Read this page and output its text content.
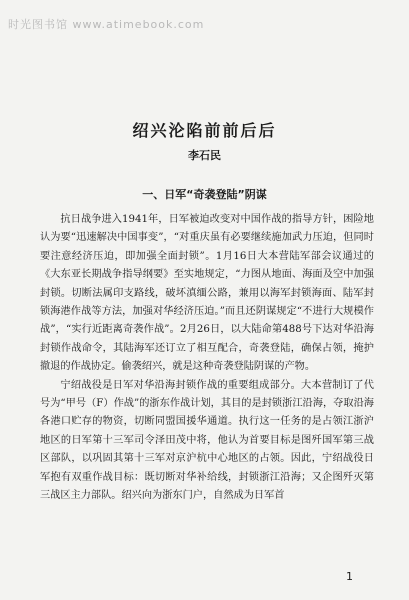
时光图书馆 www.atimebook.com
绍兴沦陷前前后后
李石民
一、日军“奇袭登陆”阴谋

抗日战争进入1941年，日军被迫改变对中国作战的指导方针，困险地认为要“迅速解决中国事变”，“对重庆虽有必要继续施加武力压迫，但同时要注意经济压迫，即加强全面封锁”。1月16日大本营陆军部会议通过的《大东亚长期战争指导纲要》至实地规定，“力图从地面、海面及空中加强封锁。切断法属印支路线，破坏滇缅公路，兼用以海军封锁海面、陆军封锁海港作战等方法，加强对华经济压迫。”而且还阴谋规定“不进行大规模作战”，“实行近距离奇袭作战”。2月26日，以大陆命第488号下达对华沿海封锁作战命令，其陆海军还订立了相互配合，奇袭登陆，确保占领，掩护撤退的作战协定。偷袭绍兴，就是这种奇袭登陆阴谋的产物。

宁绍战役是日军对华沿海封锁作战的重要组成部分。大本营制订了代号为“甲号（F）作战”的浙东作战计划，其目的是封锁浙江沿海，夺取沿海各港口贮存的物资，切断同盟国援华通道。执行这一任务的是占领江浙沪地区的日军第十三军司令泽田茂中将，他认为首要目标是图歼国军第三战区部队，以巩固其第十三军对京沪杭中心地区的占领。因此，宁绍战役日军抱有双重作战目标：既切断对华补给线，封锁浙江沿海；又企图歼灭第三战区主力部队。绍兴向为浙东门户，自然成为日军首

1
